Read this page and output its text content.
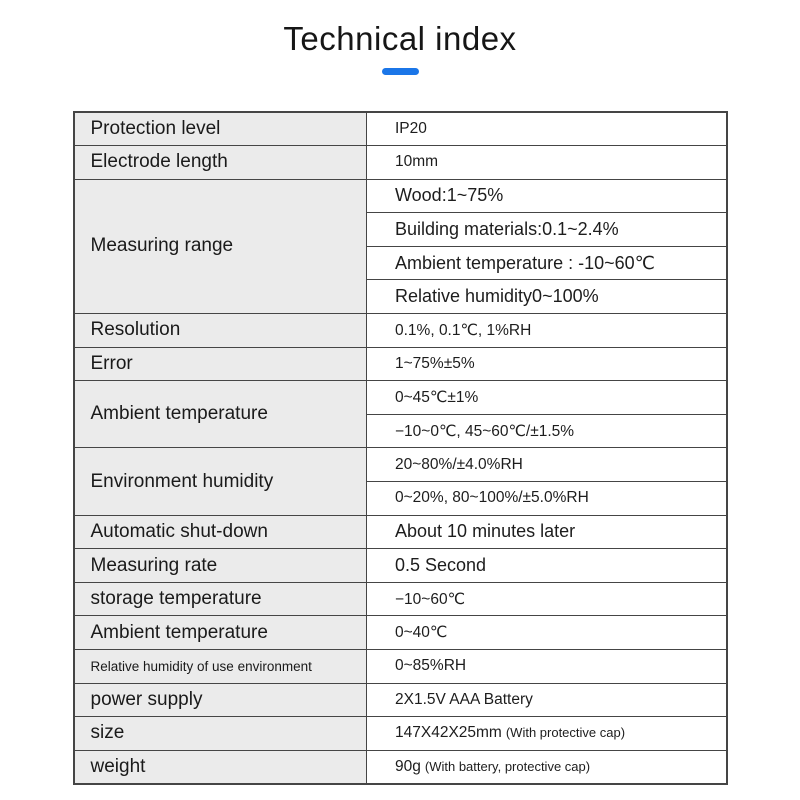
Technical index
Protection level	IP20
Electrode length	10mm
Measuring range	Wood:1~75%
	Building materials:0.1~2.4%
	Ambient temperature : -10~60℃
	Relative humidity0~100%
Resolution	0.1%, 0.1℃, 1%RH
Error	1~75%±5%
Ambient temperature	0~45℃±1%
	−10~0℃, 45~60℃/±1.5%
Environment humidity	20~80%/±4.0%RH
	0~20%, 80~100%/±5.0%RH
Automatic shut-down	About 10 minutes later
Measuring rate	0.5 Second
storage temperature	−10~60℃
Ambient temperature	0~40℃
Relative humidity of use environment	0~85%RH
power supply	2X1.5V AAA Battery
size	147X42X25mm (With protective cap)
weight	90g (With battery, protective cap)
